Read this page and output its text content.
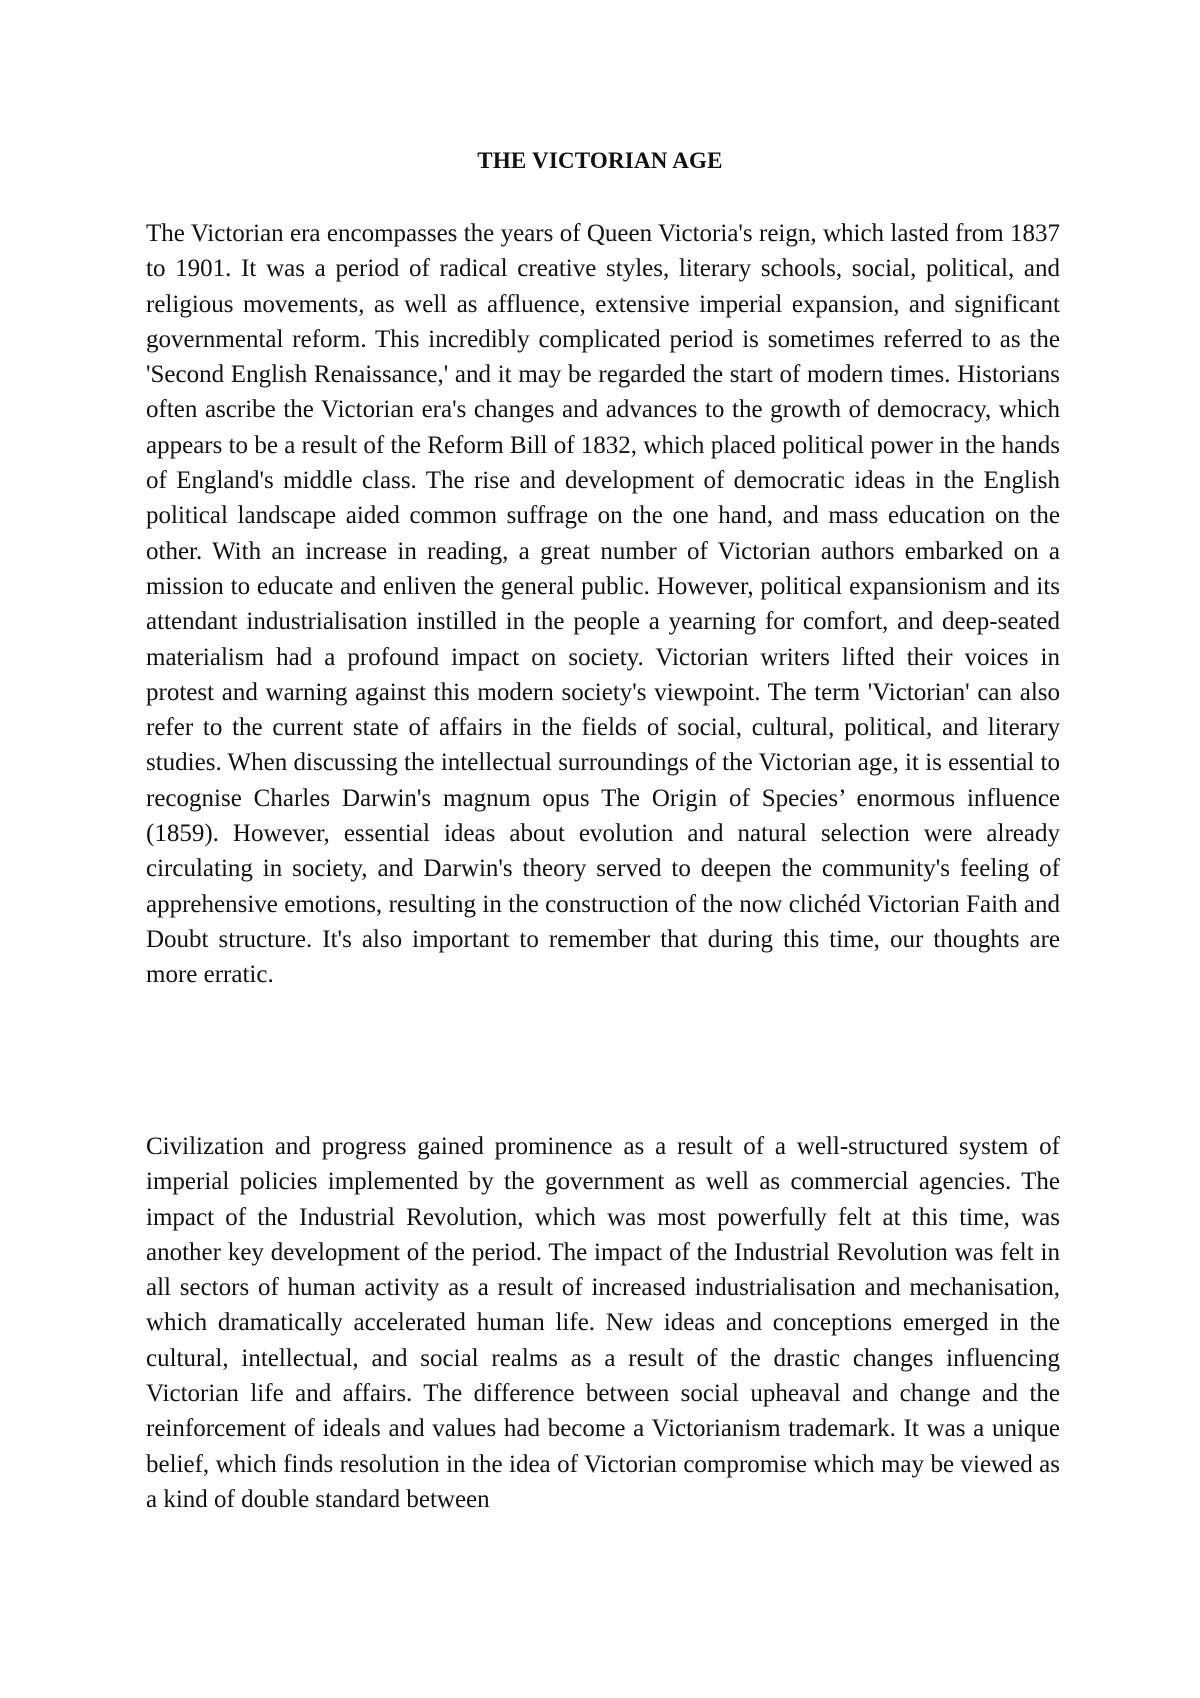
THE VICTORIAN AGE

The Victorian era encompasses the years of Queen Victoria's reign, which lasted from 1837 to 1901. It was a period of radical creative styles, literary schools, social, political, and religious movements, as well as affluence, extensive imperial expansion, and significant governmental reform. This incredibly complicated period is sometimes referred to as the 'Second English Renaissance,' and it may be regarded the start of modern times. Historians often ascribe the Victorian era's changes and advances to the growth of democracy, which appears to be a result of the Reform Bill of 1832, which placed political power in the hands of England's middle class. The rise and development of democratic ideas in the English political landscape aided common suffrage on the one hand, and mass education on the other. With an increase in reading, a great number of Victorian authors embarked on a mission to educate and enliven the general public. However, political expansionism and its attendant industrialisation instilled in the people a yearning for comfort, and deep-seated materialism had a profound impact on society. Victorian writers lifted their voices in protest and warning against this modern society's viewpoint. The term 'Victorian' can also refer to the current state of affairs in the fields of social, cultural, political, and literary studies. When discussing the intellectual surroundings of the Victorian age, it is essential to recognise Charles Darwin's magnum opus The Origin of Species’ enormous influence (1859). However, essential ideas about evolution and natural selection were already circulating in society, and Darwin's theory served to deepen the community's feeling of apprehensive emotions, resulting in the construction of the now clichéd Victorian Faith and Doubt structure. It's also important to remember that during this time, our thoughts are more erratic.

Civilization and progress gained prominence as a result of a well-structured system of imperial policies implemented by the government as well as commercial agencies. The impact of the Industrial Revolution, which was most powerfully felt at this time, was another key development of the period. The impact of the Industrial Revolution was felt in all sectors of human activity as a result of increased industrialisation and mechanisation, which dramatically accelerated human life. New ideas and conceptions emerged in the cultural, intellectual, and social realms as a result of the drastic changes influencing Victorian life and affairs. The difference between social upheaval and change and the reinforcement of ideals and values had become a Victorianism trademark. It was a unique belief, which finds resolution in the idea of Victorian compromise which may be viewed as a kind of double standard between
